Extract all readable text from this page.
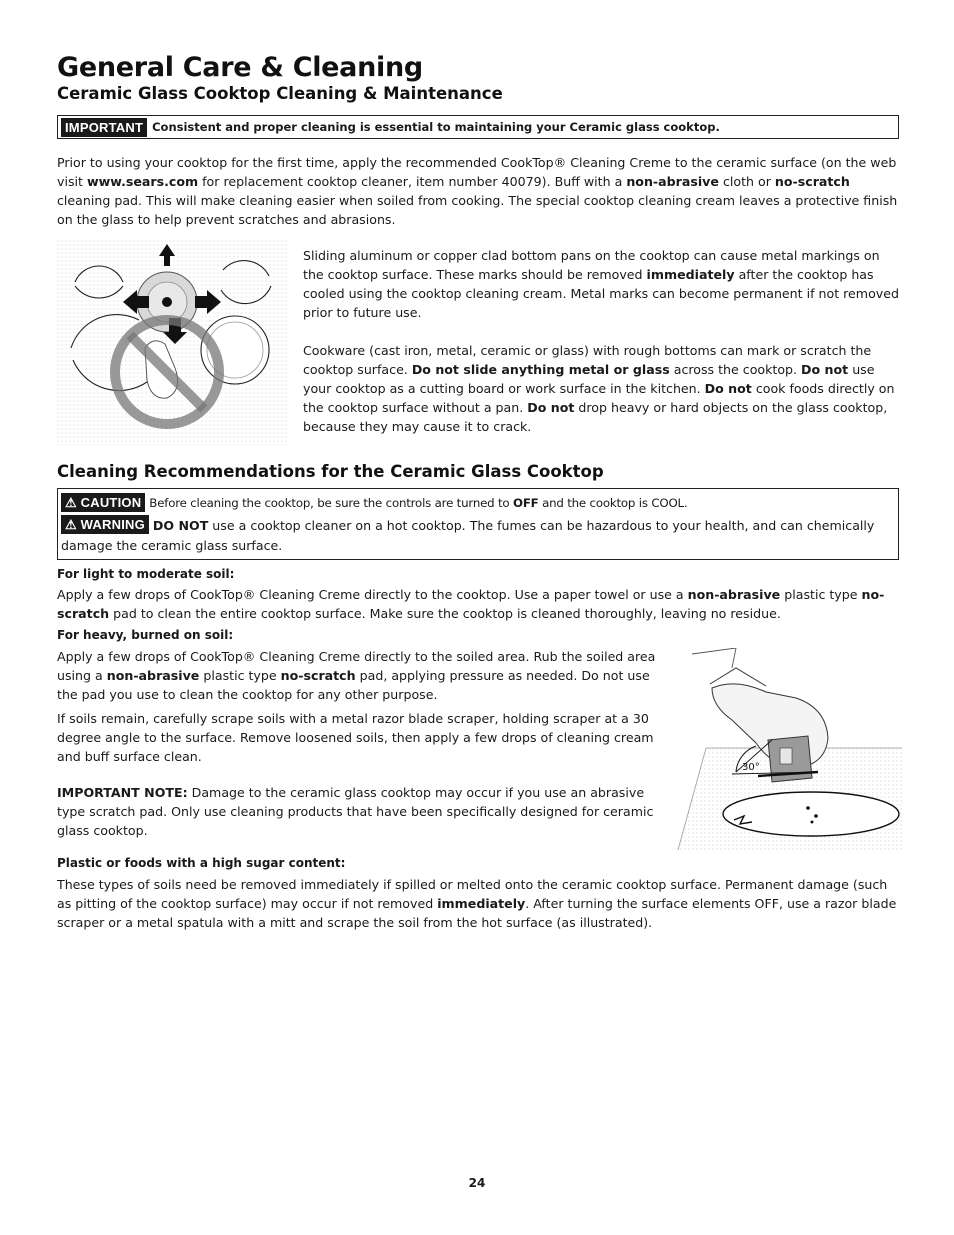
General Care & Cleaning
Ceramic Glass Cooktop Cleaning & Maintenance
IMPORTANT Consistent and proper cleaning is essential to maintaining your Ceramic glass cooktop.

Prior to using your cooktop for the first time, apply the recommended CookTop® Cleaning Creme to the ceramic surface (on the web visit www.sears.com for replacement cooktop cleaner, item number 40079). Buff with a non-abrasive cloth or no-scratch cleaning pad. This will make cleaning easier when soiled from cooking. The special cooktop cleaning cream leaves a protective finish on the glass to help prevent scratches and abrasions.

Sliding aluminum or copper clad bottom pans on the cooktop can cause metal markings on the cooktop surface. These marks should be removed immediately after the cooktop has cooled using the cooktop cleaning cream. Metal marks can become permanent if not removed prior to future use.

Cookware (cast iron, metal, ceramic or glass) with rough bottoms can mark or scratch the cooktop surface. Do not slide anything metal or glass across the cooktop. Do not use your cooktop as a cutting board or work surface in the kitchen. Do not cook foods directly on the cooktop surface without a pan. Do not drop heavy or hard objects on the glass cooktop, because they may cause it to crack.

Cleaning Recommendations for the Ceramic Glass Cooktop
⚠ CAUTION Before cleaning the cooktop, be sure the controls are turned to OFF and the cooktop is COOL.
⚠ WARNING DO NOT use a cooktop cleaner on a hot cooktop. The fumes can be hazardous to your health, and can chemically damage the ceramic glass surface.
For light to moderate soil:

Apply a few drops of CookTop® Cleaning Creme directly to the cooktop. Use a paper towel or use a non-abrasive plastic type no-scratch pad to clean the entire cooktop surface. Make sure the cooktop is cleaned thoroughly, leaving no residue.

For heavy, burned on soil:

Apply a few drops of CookTop® Cleaning Creme directly to the soiled area. Rub the soiled area using a non-abrasive plastic type no-scratch pad, applying pressure as needed. Do not use the pad you use to clean the cooktop for any other purpose.

If soils remain, carefully scrape soils with a metal razor blade scraper, holding scraper at a 30 degree angle to the surface. Remove loosened soils, then apply a few drops of cleaning cream and buff surface clean.

IMPORTANT NOTE: Damage to the ceramic glass cooktop may occur if you use an abrasive type scratch pad. Only use cleaning products that have been specifically designed for ceramic glass cooktop.

30°
Plastic or foods with a high sugar content:

These types of soils need be removed immediately if spilled or melted onto the ceramic cooktop surface. Permanent damage (such as pitting of the cooktop surface) may occur if not removed immediately. After turning the surface elements OFF, use a razor blade scraper or a metal spatula with a mitt and scrape the soil from the hot surface (as illustrated).

24
